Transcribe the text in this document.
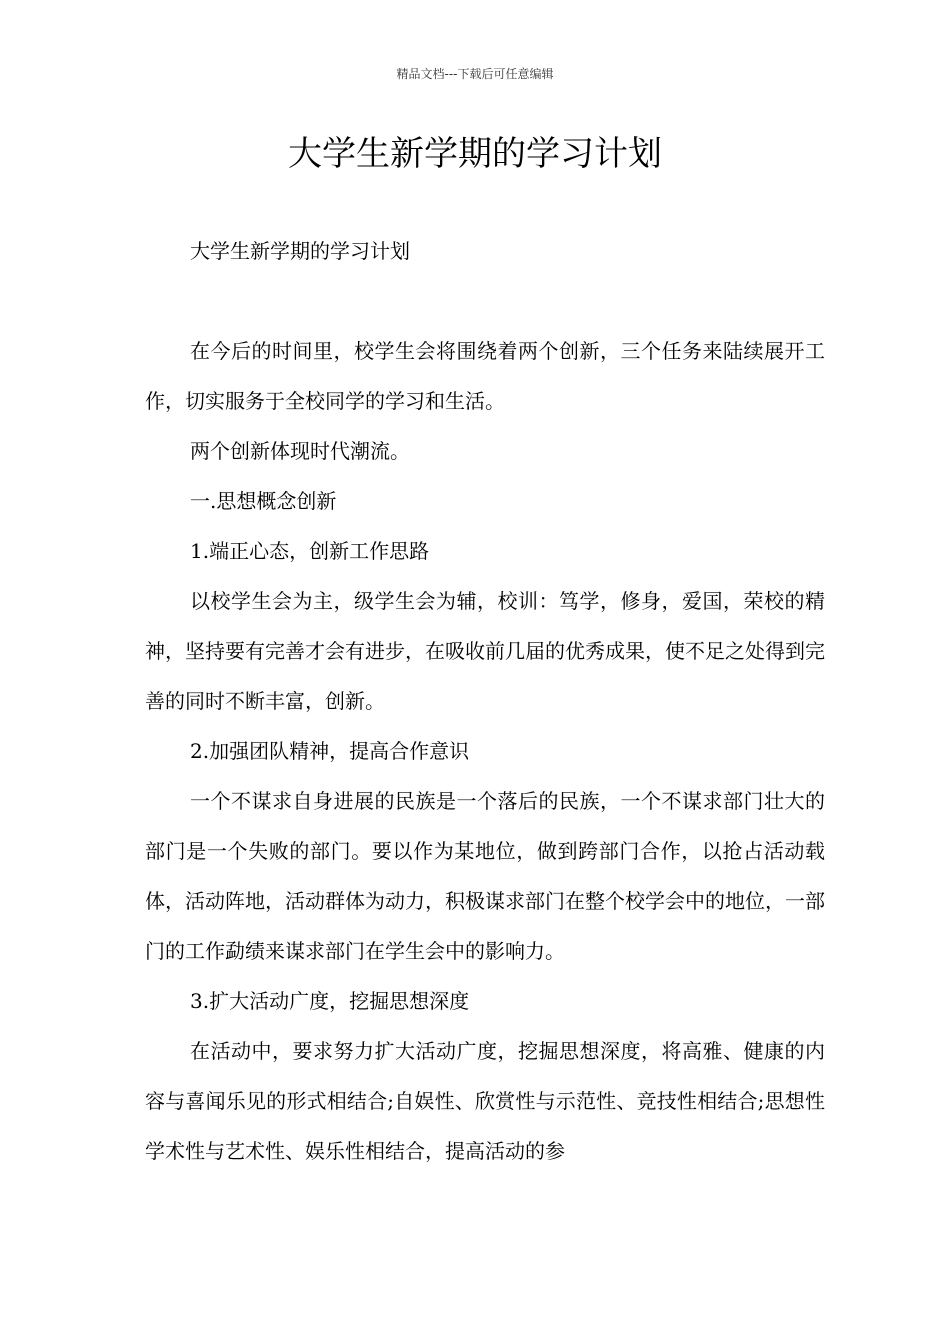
精品文档---下载后可任意编辑
大学生新学期的学习计划

大学生新学期的学习计划

在今后的时间里，校学生会将围绕着两个创新，三个任务来陆续展开工作，切实服务于全校同学的学习和生活。

两个创新体现时代潮流。

一.思想概念创新

1.端正心态，创新工作思路

以校学生会为主，级学生会为辅，校训：笃学，修身，爱国，荣校的精神，坚持要有完善才会有进步，在吸收前几届的优秀成果，使不足之处得到完善的同时不断丰富，创新。

2.加强团队精神，提高合作意识

一个不谋求自身进展的民族是一个落后的民族，一个不谋求部门壮大的部门是一个失败的部门。要以作为某地位，做到跨部门合作，以抢占活动载体，活动阵地，活动群体为动力，积极谋求部门在整个校学会中的地位，一部门的工作勐绩来谋求部门在学生会中的影响力。

3.扩大活动广度，挖掘思想深度

在活动中，要求努力扩大活动广度，挖掘思想深度，将高雅、健康的内容与喜闻乐见的形式相结合;自娱性、欣赏性与示范性、竞技性相结合;思想性学术性与艺术性、娱乐性相结合，提高活动的参
